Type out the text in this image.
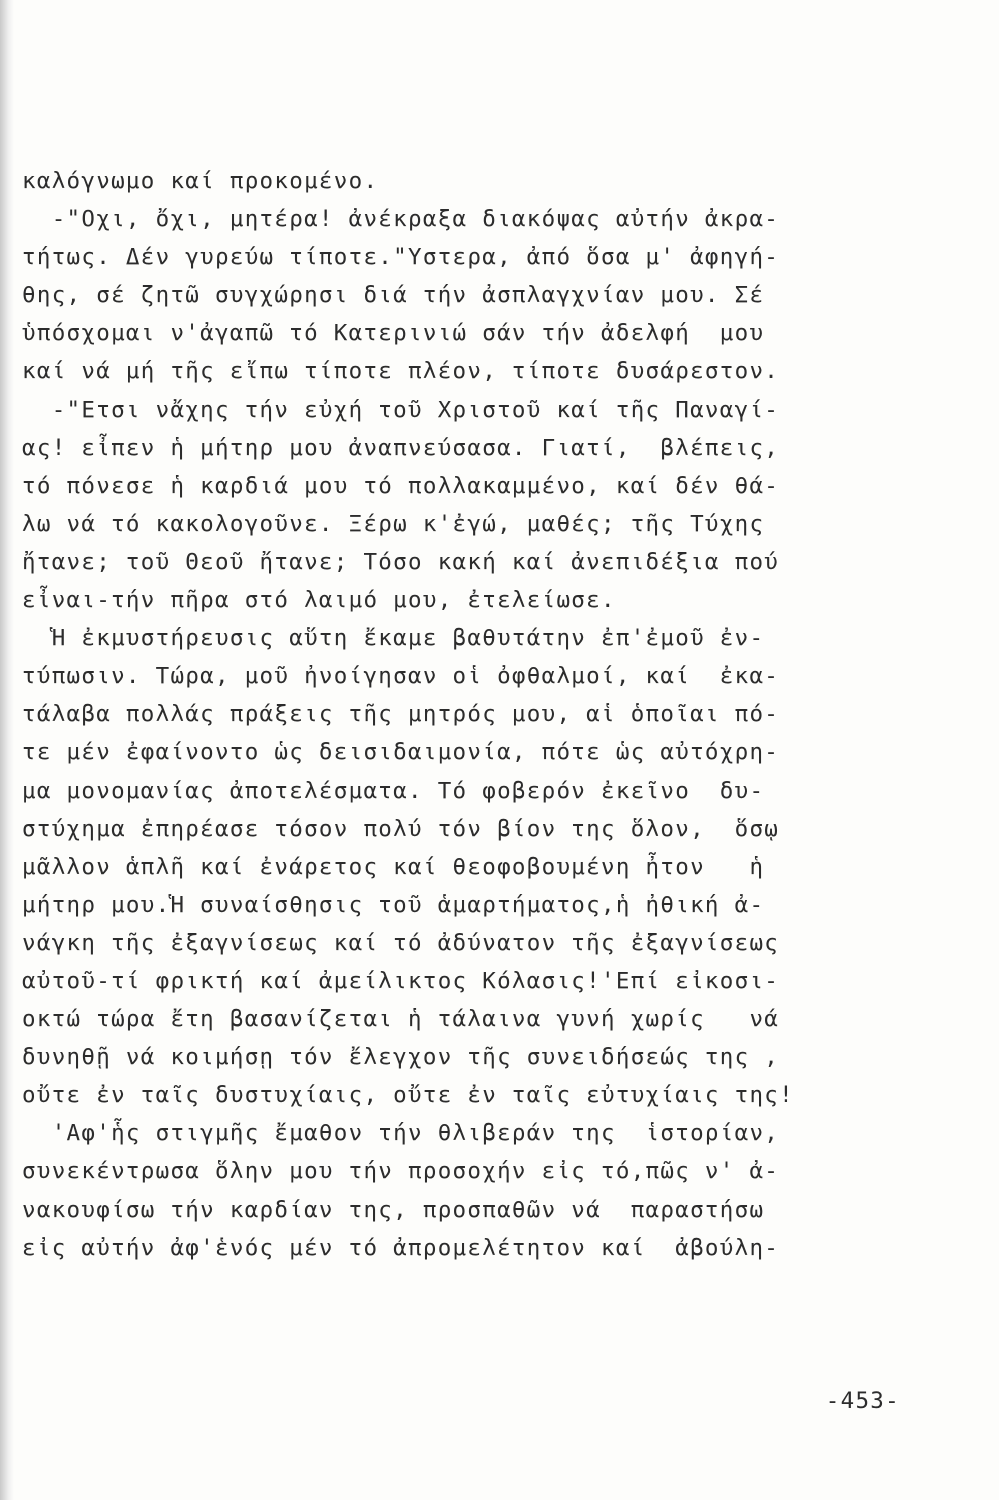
καλόγνωμο καί προκομένο.
-"Οχι, ὄχι, μητέρα! ἀνέκραξα διακόψας αὐτήν ἀκρα-
τήτως. Δέν γυρεύω τίποτε."Υστερα, ἀπό ὅσα μ' ἀφηγή-
θης, σέ ζητῶ συγχώρησι διά τήν ἀσπλαγχνίαν μου. Σέ
ὑπόσχομαι ν'ἀγαπῶ τό Κατερινιώ σάν τήν ἀδελφή  μου
καί νά μή τῆς εἴπω τίποτε πλέον, τίποτε δυσάρεστον.
-"Ετσι νἄχης τήν εὐχή τοῦ Χριστοῦ καί τῆς Παναγί-
ας! εἶπεν ἡ μήτηρ μου ἀναπνεύσασα. Γιατί,  βλέπεις,
τό πόνεσε ἡ καρδιά μου τό πολλακαμμένο, καί δέν θά-
λω νά τό κακολογοῦνε. Ξέρω κ'ἐγώ, μαθές; τῆς Τύχης
ἤτανε; τοῦ Θεοῦ ἤτανε; Τόσο κακή καί ἀνεπιδέξια πού
εἶναι-τήν πῆρα στό λαιμό μου, ἐτελείωσε.
Ἡ ἐκμυστήρευσις αὕτη ἔκαμε βαθυτάτην ἐπ'ἐμοῦ ἐν-
τύπωσιν. Τώρα, μοῦ ἠνοίγησαν οἱ ὀφθαλμοί, καί  ἐκα-
τάλαβα πολλάς πράξεις τῆς μητρός μου, αἱ ὁποῖαι πό-
τε μέν ἐφαίνοντο ὡς δεισιδαιμονία, πότε ὡς αὐτόχρη-
μα μονομανίας ἀποτελέσματα. Τό φοβερόν ἐκεῖνο  δυ-
στύχημα ἐπηρέασε τόσον πολύ τόν βίον της ὅλον,  ὅσῳ
μᾶλλον ἁπλῆ καί ἐνάρετος καί θεοφοβουμένη ἦτον   ἡ
μήτηρ μου.Ἡ συναίσθησις τοῦ ἁμαρτήματος,ἡ ἠθική ἀ-
νάγκη τῆς ἐξαγνίσεως καί τό ἀδύνατον τῆς ἐξαγνίσεως
αὐτοῦ-τί φρικτή καί ἀμείλικτος Κόλασις!'Επί εἰκοσι-
οκτώ τώρα ἔτη βασανίζεται ἡ τάλαινα γυνή χωρίς   νά
δυνηθῇ νά κοιμήσῃ τόν ἔλεγχον τῆς συνειδήσεώς της ,
οὔτε ἐν ταῖς δυστυχίαις, οὔτε ἐν ταῖς εὐτυχίαις της!
'Αφ'ἧς στιγμῆς ἔμαθον τήν θλιβεράν της  ἱστορίαν,
συνεκέντρωσα ὅλην μου τήν προσοχήν εἰς τό,πῶς ν' ἀ-
νακουφίσω τήν καρδίαν της, προσπαθῶν νά  παραστήσω
εἰς αὐτήν ἀφ'ἑνός μέν τό ἀπρομελέτητον καί  ἀβούλη-
-453-
